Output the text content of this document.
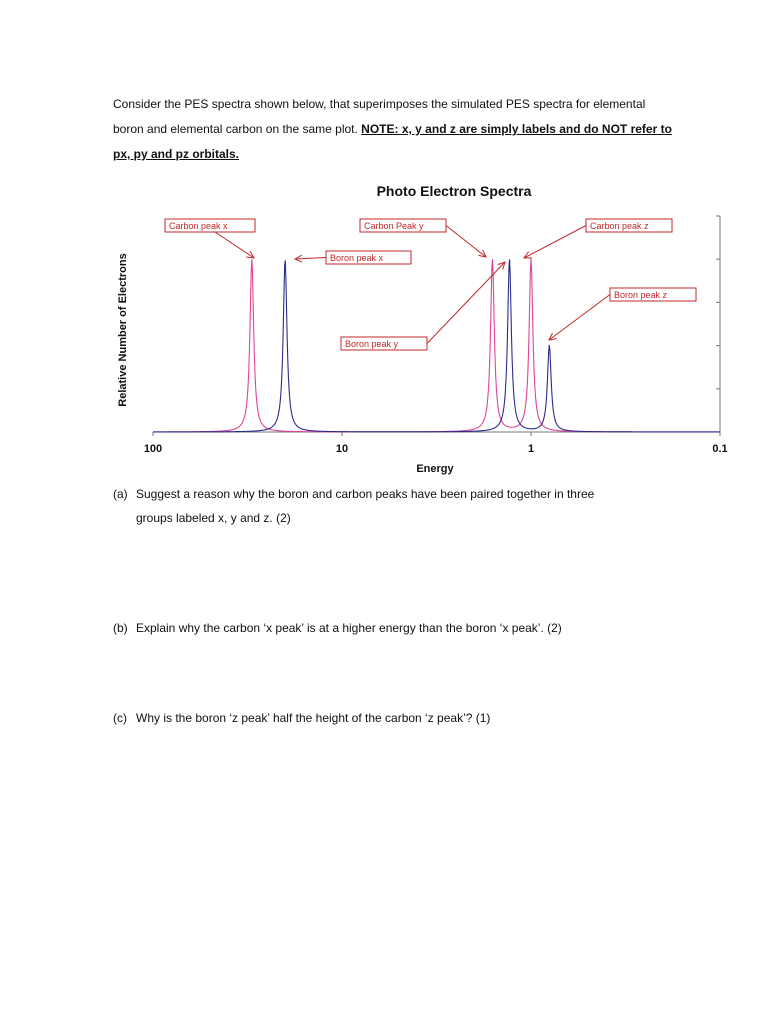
Consider the PES spectra shown below, that superimposes the simulated PES spectra for elemental boron and elemental carbon on the same plot. NOTE: x, y and z are simply labels and do NOT refer to px, py and pz orbitals.
Photo Electron Spectra
Relative Number of Electrons
Energy
100	10	1	0.1
Carbon peak x
Boron peak x
Carbon Peak y	Carbon peak z
Boron peak z
Boron peak y
(a) Suggest a reason why the boron and carbon peaks have been paired together in three
groups labeled x, y and z. (2)
(b) Explain why the carbon ‘x peak’ is at a higher energy than the boron ‘x peak’. (2)
(c) Why is the boron ‘z peak’ half the height of the carbon ‘z peak’? (1)
